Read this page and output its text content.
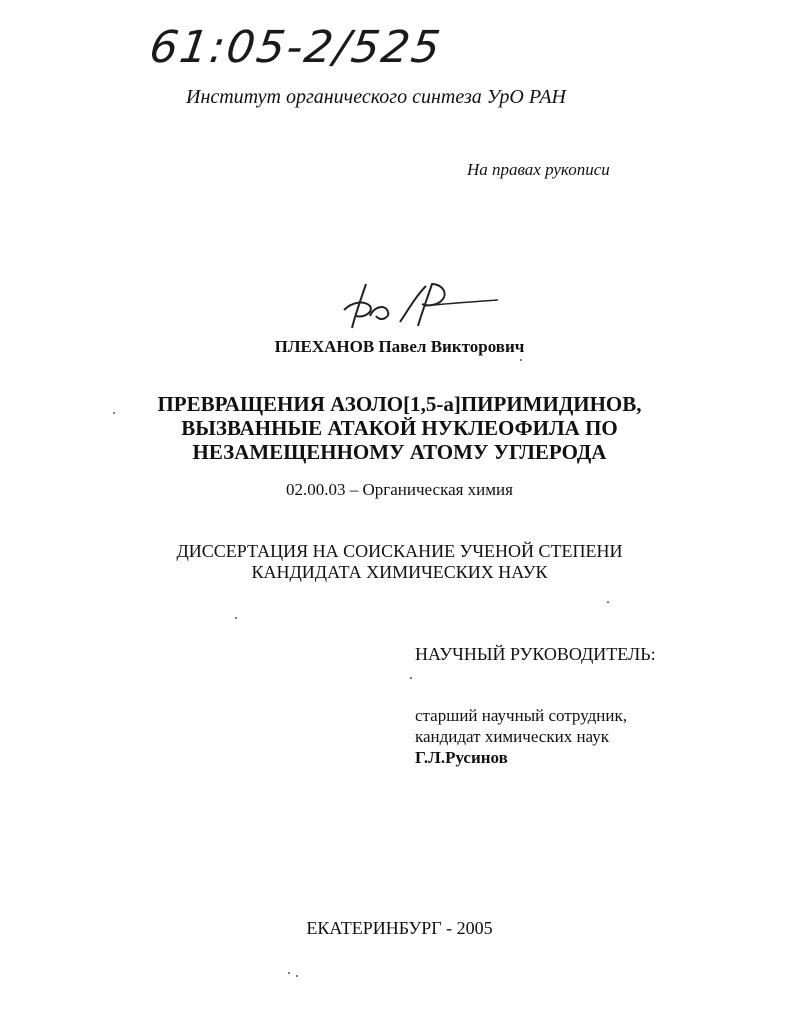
61:05-2/525
Институт органического синтеза УрО РАН
На правах рукописи
ПЛЕХАНОВ Павел Викторович
ПРЕВРАЩЕНИЯ АЗОЛО[1,5-a]ПИРИМИДИНОВ,
ВЫЗВАННЫЕ АТАКОЙ НУКЛЕОФИЛА ПО
НЕЗАМЕЩЕННОМУ АТОМУ УГЛЕРОДА
02.00.03 – Органическая химия
ДИССЕРТАЦИЯ НА СОИСКАНИЕ УЧЕНОЙ СТЕПЕНИ
КАНДИДАТА ХИМИЧЕСКИХ НАУК
НАУЧНЫЙ РУКОВОДИТЕЛЬ:
старший научный сотрудник,
кандидат химических наук
Г.Л.Русинов
ЕКАТЕРИНБУРГ - 2005
